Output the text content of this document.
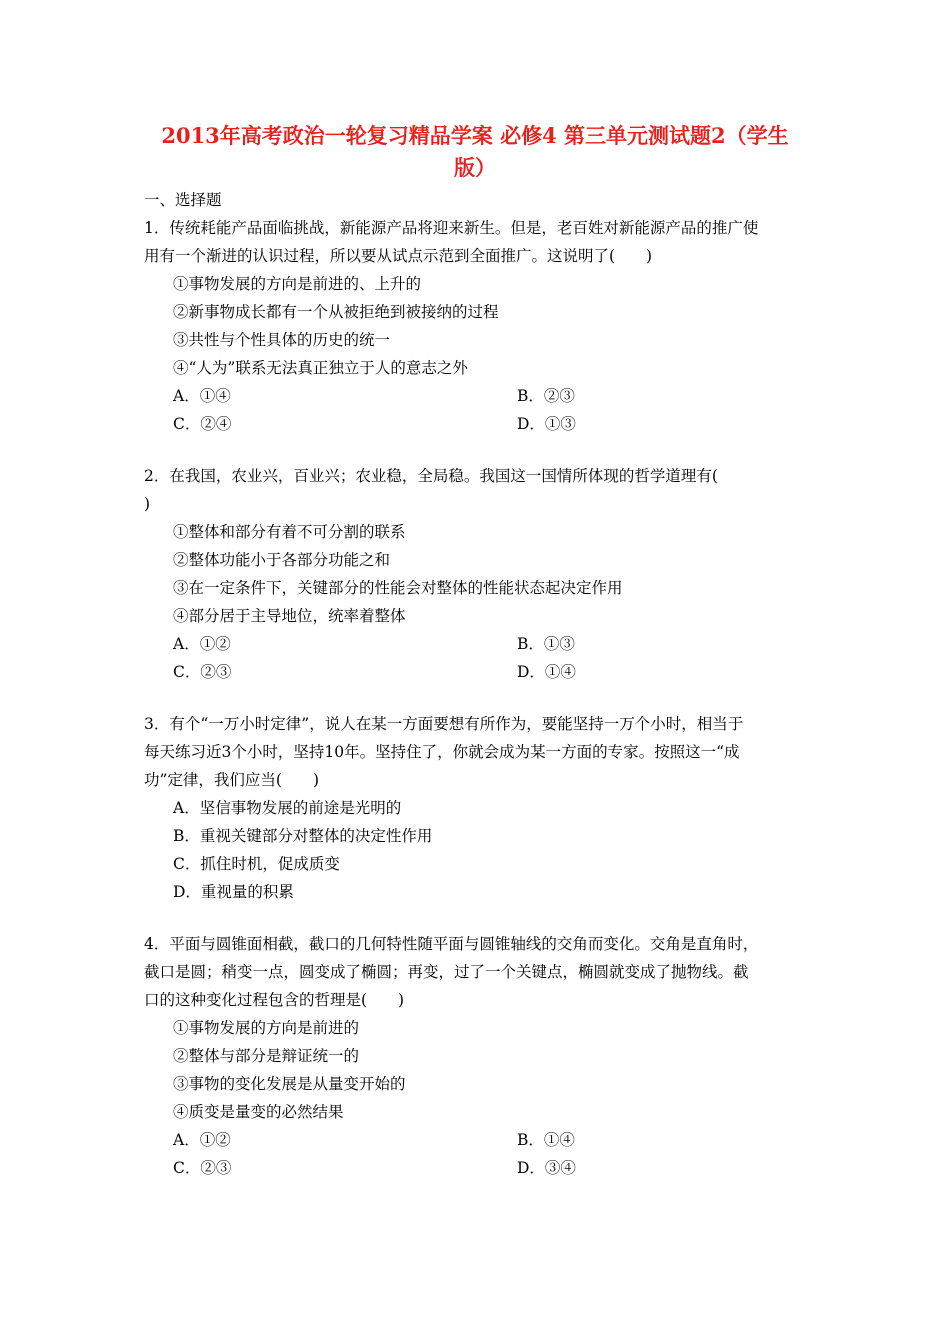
2013年高考政治一轮复习精品学案 必修4 第三单元测试题2（学生
版）
一、选择题
1．传统耗能产品面临挑战，新能源产品将迎来新生。但是，老百姓对新能源产品的推广使
用有一个渐进的认识过程，所以要从试点示范到全面推广。这说明了(　　)
①事物发展的方向是前进的、上升的
②新事物成长都有一个从被拒绝到被接纳的过程
③共性与个性具体的历史的统一
④“人为”联系无法真正独立于人的意志之外
A．①④	B．②③
C．②④	D．①③
2．在我国，农业兴，百业兴；农业稳，全局稳。我国这一国情所体现的哲学道理有(
)
①整体和部分有着不可分割的联系
②整体功能小于各部分功能之和
③在一定条件下，关键部分的性能会对整体的性能状态起决定作用
④部分居于主导地位，统率着整体
A．①②	B．①③
C．②③	D．①④
3．有个“一万小时定律”，说人在某一方面要想有所作为，要能坚持一万个小时，相当于
每天练习近3个小时，坚持10年。坚持住了，你就会成为某一方面的专家。按照这一“成
功”定律，我们应当(　　)
A．坚信事物发展的前途是光明的
B．重视关键部分对整体的决定性作用
C．抓住时机，促成质变
D．重视量的积累
4．平面与圆锥面相截，截口的几何特性随平面与圆锥轴线的交角而变化。交角是直角时，
截口是圆；稍变一点，圆变成了椭圆；再变，过了一个关键点，椭圆就变成了抛物线。截
口的这种变化过程包含的哲理是(　　)
①事物发展的方向是前进的
②整体与部分是辩证统一的
③事物的变化发展是从量变开始的
④质变是量变的必然结果
A．①②	B．①④
C．②③	D．③④
